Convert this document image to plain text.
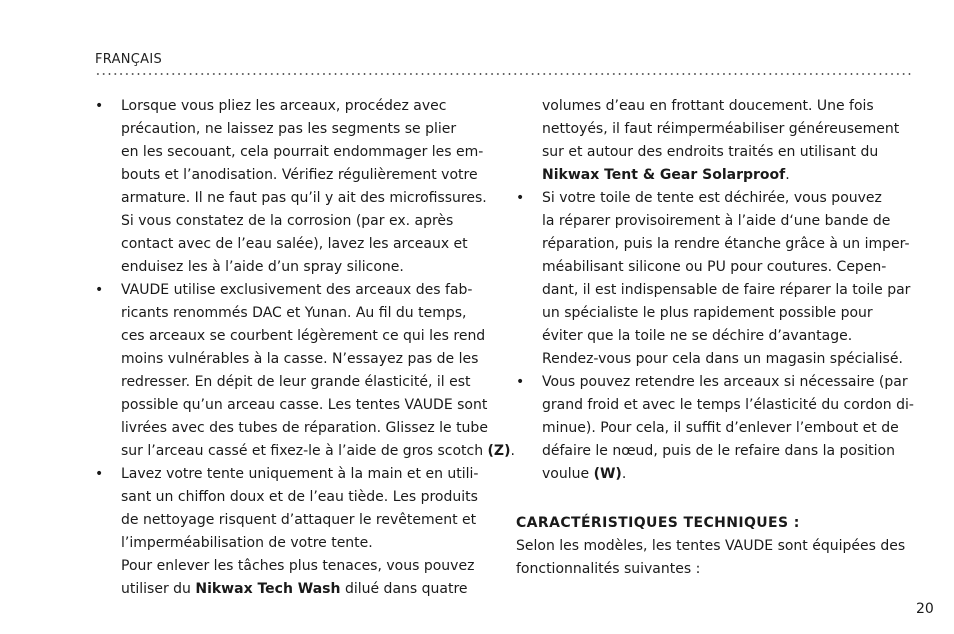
FRANÇAIS
• Lorsque vous pliez les arceaux, procédez avec
précaution, ne laissez pas les segments se plier
en les secouant, cela pourrait endommager les em-
bouts et l’anodisation. Vérifiez régulièrement votre
armature. Il ne faut pas qu’il y ait des microfissures.
Si vous constatez de la corrosion (par ex. après
contact avec de l’eau salée), lavez les arceaux et
enduisez les à l’aide d’un spray silicone.
• VAUDE utilise exclusivement des arceaux des fab-
ricants renommés DAC et Yunan. Au fil du temps,
ces arceaux se courbent légèrement ce qui les rend
moins vulnérables à la casse. N’essayez pas de les
redresser. En dépit de leur grande élasticité, il est
possible qu’un arceau casse. Les tentes VAUDE sont
livrées avec des tubes de réparation. Glissez le tube
sur l’arceau cassé et fixez-le à l’aide de gros scotch (Z).
• Lavez votre tente uniquement à la main et en utili-
sant un chiffon doux et de l’eau tiède. Les produits
de nettoyage risquent d’attaquer le revêtement et
l’imperméabilisation de votre tente.
Pour enlever les tâches plus tenaces, vous pouvez
utiliser du Nikwax Tech Wash dilué dans quatre
volumes d’eau en frottant doucement. Une fois
nettoyés, il faut réimperméabiliser généreusement
sur et autour des endroits traités en utilisant du
Nikwax Tent & Gear Solarproof.
• Si votre toile de tente est déchirée, vous pouvez
la réparer provisoirement à l’aide d‘une bande de
réparation, puis la rendre étanche grâce à un imper-
méabilisant silicone ou PU pour coutures. Cepen-
dant, il est indispensable de faire réparer la toile par
un spécialiste le plus rapidement possible pour
éviter que la toile ne se déchire d’avantage.
Rendez-vous pour cela dans un magasin spécialisé.
• Vous pouvez retendre les arceaux si nécessaire (par
grand froid et avec le temps l’élasticité du cordon di-
minue). Pour cela, il suffit d’enlever l’embout et de
défaire le nœud, puis de le refaire dans la position
voulue (W).
CARACTÉRISTIQUES TECHNIQUES :

Selon les modèles, les tentes VAUDE sont équipées des
fonctionnalités suivantes :

20
